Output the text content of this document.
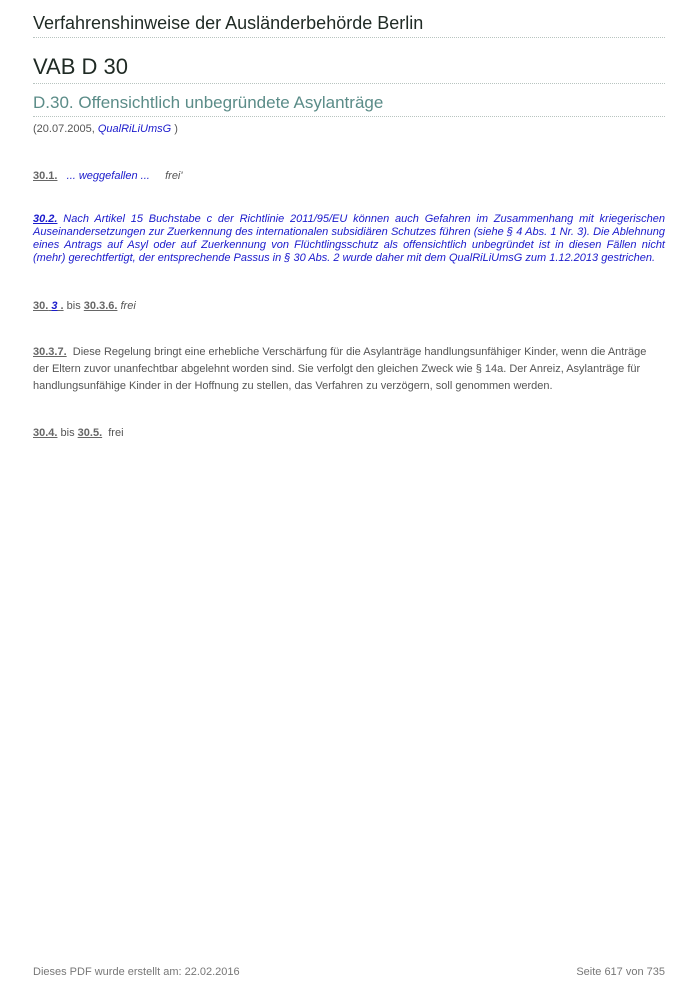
Verfahrenshinweise der Ausländerbehörde Berlin
VAB D 30
D.30. Offensichtlich unbegründete Asylanträge
(20.07.2005, QualRiLiUmsG )
30.1. ... weggefallen ... frei'
30.2. Nach Artikel 15 Buchstabe c der Richtlinie 2011/95/EU können auch Gefahren im Zusammenhang mit kriegerischen Auseinandersetzungen zur Zuerkennung des internationalen subsidiären Schutzes führen (siehe § 4 Abs. 1 Nr. 3). Die Ablehnung eines Antrags auf Asyl oder auf Zuerkennung von Flüchtlingsschutz als offensichtlich unbegründet ist in diesen Fällen nicht (mehr) gerechtfertigt, der entsprechende Passus in § 30 Abs. 2 wurde daher mit dem QualRiLiUmsG zum 1.12.2013 gestrichen.
30. 3 . bis 30.3.6. frei
30.3.7. Diese Regelung bringt eine erhebliche Verschärfung für die Asylanträge handlungsunfähiger Kinder, wenn die Anträge der Eltern zuvor unanfechtbar abgelehnt worden sind. Sie verfolgt den gleichen Zweck wie § 14a. Der Anreiz, Asylanträge für handlungsunfähige Kinder in der Hoffnung zu stellen, das Verfahren zu verzögern, soll genommen werden.
30.4. bis 30.5. frei
Dieses PDF wurde erstellt am: 22.02.2016	Seite 617 von 735
